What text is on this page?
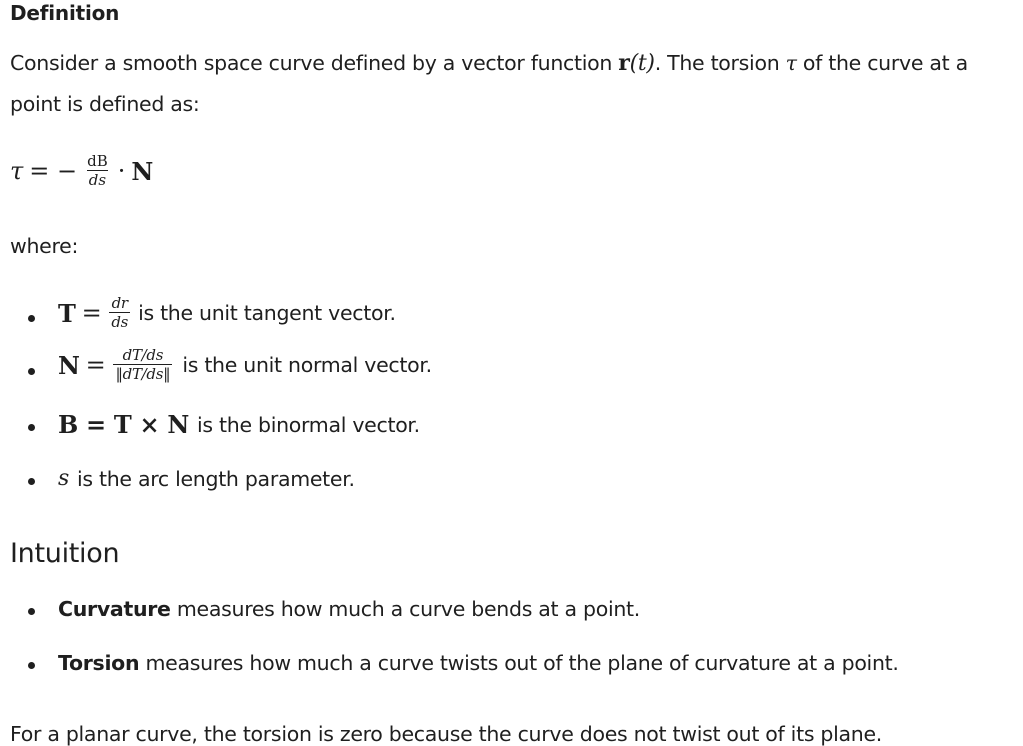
Definition
Consider a smooth space curve defined by a vector function r(t). The torsion τ of the curve at a
point is defined as:
τ = − $\frac{dB}{ds} \cdot N$
where:
$T = \frac{dr}{ds}$ is the unit tangent vector.
$N = \frac{dT/ds}{‖dT/ds‖}$ is the unit normal vector.
B = T × N is the binormal vector.
s is the arc length parameter.
Intuition
Curvature measures how much a curve bends at a point.
Torsion measures how much a curve twists out of the plane of curvature at a point.
For a planar curve, the torsion is zero because the curve does not twist out of its plane.
